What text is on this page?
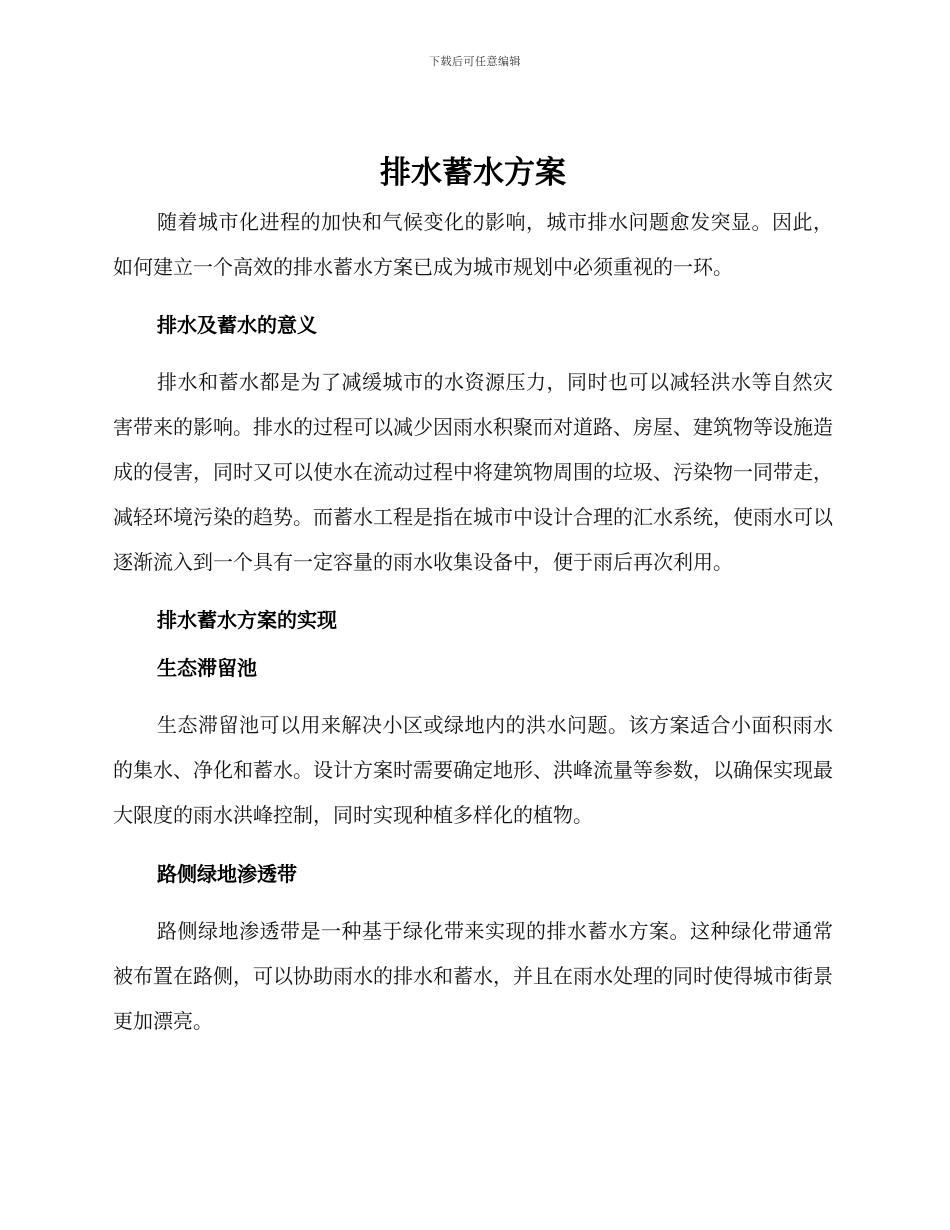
下载后可任意编辑
排水蓄水方案

随着城市化进程的加快和气候变化的影响，城市排水问题愈发突显。因此，如何建立一个高效的排水蓄水方案已成为城市规划中必须重视的一环。

排水及蓄水的意义

排水和蓄水都是为了减缓城市的水资源压力，同时也可以减轻洪水等自然灾害带来的影响。排水的过程可以减少因雨水积聚而对道路、房屋、建筑物等设施造成的侵害，同时又可以使水在流动过程中将建筑物周围的垃圾、污染物一同带走，减轻环境污染的趋势。而蓄水工程是指在城市中设计合理的汇水系统，使雨水可以逐渐流入到一个具有一定容量的雨水收集设备中，便于雨后再次利用。

排水蓄水方案的实现
生态滞留池

生态滞留池可以用来解决小区或绿地内的洪水问题。该方案适合小面积雨水的集水、净化和蓄水。设计方案时需要确定地形、洪峰流量等参数，以确保实现最大限度的雨水洪峰控制，同时实现种植多样化的植物。

路侧绿地渗透带

路侧绿地渗透带是一种基于绿化带来实现的排水蓄水方案。这种绿化带通常被布置在路侧，可以协助雨水的排水和蓄水，并且在雨水处理的同时使得城市街景更加漂亮。
